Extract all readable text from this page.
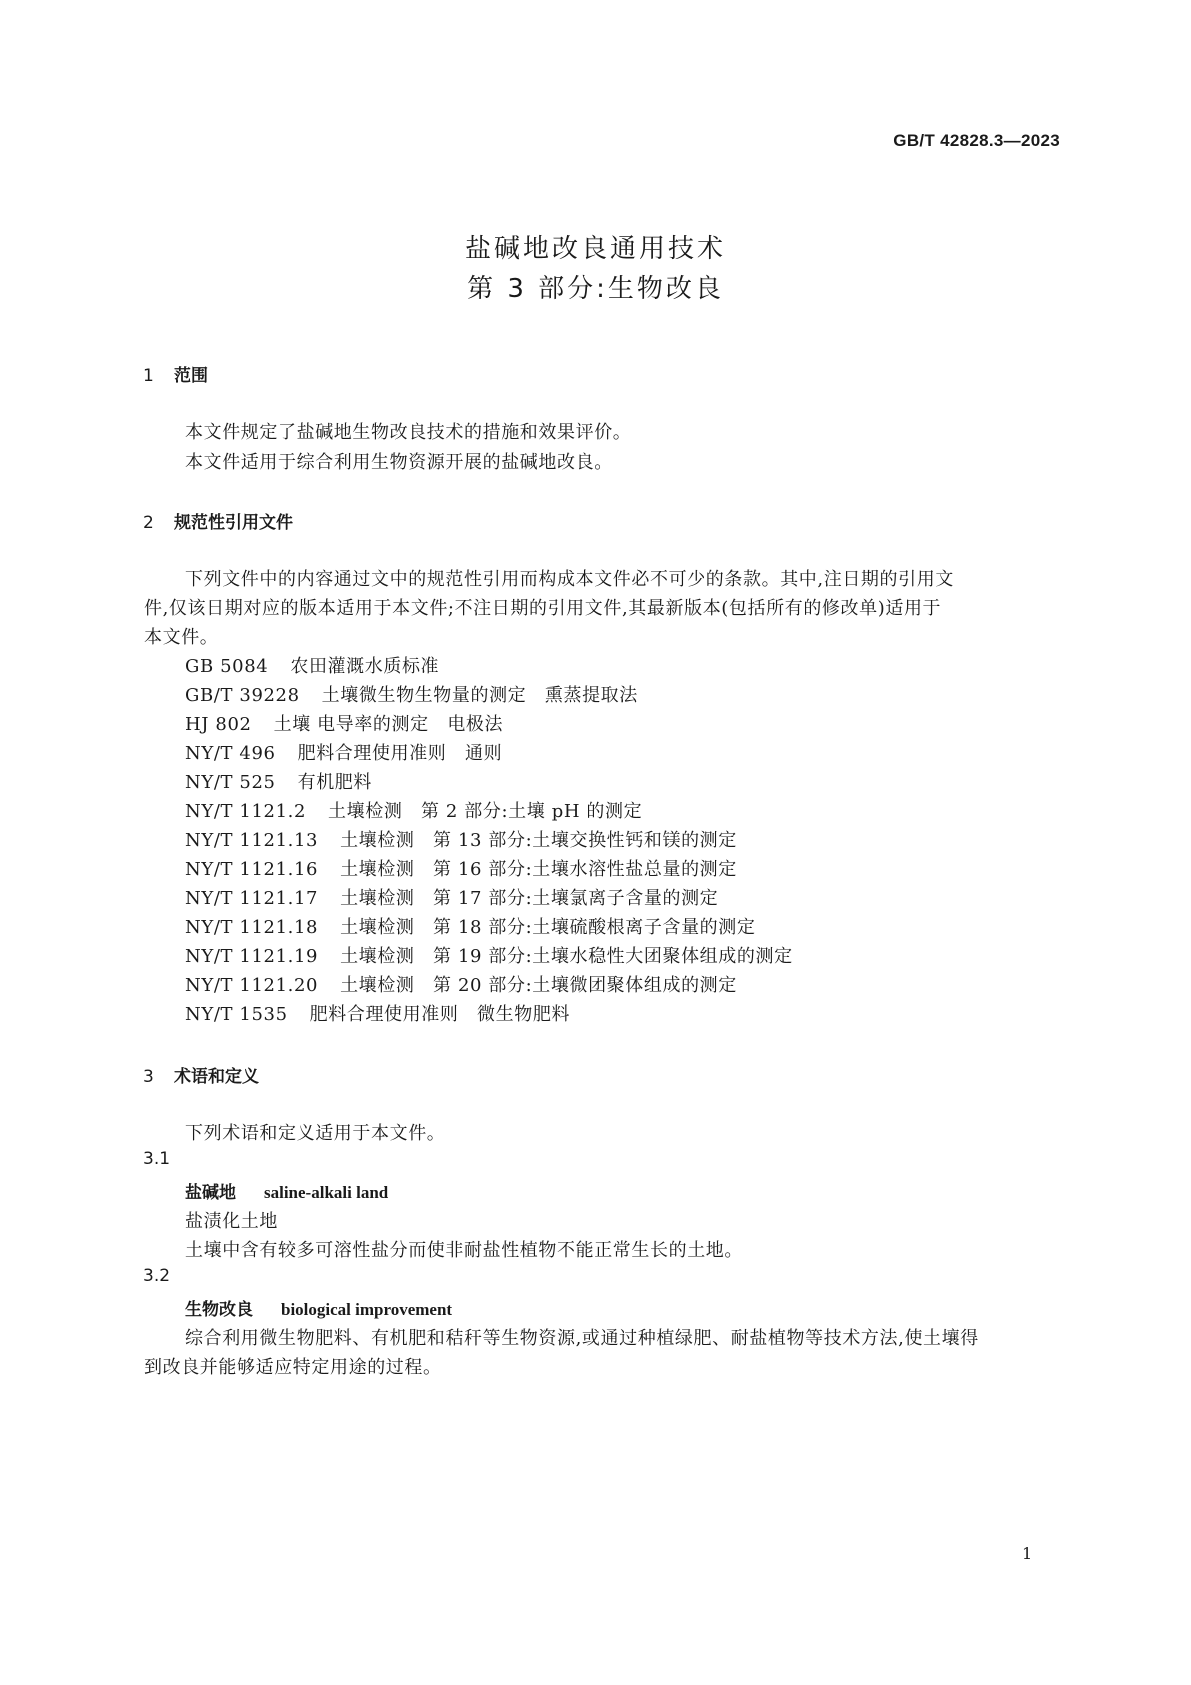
GB/T 42828.3—2023
盐碱地改良通用技术
第 3 部分:生物改良
1 范围
本文件规定了盐碱地生物改良技术的措施和效果评价。
本文件适用于综合利用生物资源开展的盐碱地改良。
2 规范性引用文件
下列文件中的内容通过文中的规范性引用而构成本文件必不可少的条款。其中,注日期的引用文
件,仅该日期对应的版本适用于本文件;不注日期的引用文件,其最新版本(包括所有的修改单)适用于
本文件。
GB 5084 农田灌溉水质标准
GB/T 39228 土壤微生物生物量的测定　熏蒸提取法
HJ 802 土壤 电导率的测定　电极法
NY/T 496 肥料合理使用准则　通则
NY/T 525 有机肥料
NY/T 1121.2 土壤检测　第 2 部分:土壤 pH 的测定
NY/T 1121.13 土壤检测　第 13 部分:土壤交换性钙和镁的测定
NY/T 1121.16 土壤检测　第 16 部分:土壤水溶性盐总量的测定
NY/T 1121.17 土壤检测　第 17 部分:土壤氯离子含量的测定
NY/T 1121.18 土壤检测　第 18 部分:土壤硫酸根离子含量的测定
NY/T 1121.19 土壤检测　第 19 部分:土壤水稳性大团聚体组成的测定
NY/T 1121.20 土壤检测　第 20 部分:土壤微团聚体组成的测定
NY/T 1535 肥料合理使用准则　微生物肥料
3 术语和定义
下列术语和定义适用于本文件。
3.1
盐碱地 saline-alkali land
盐渍化土地
土壤中含有较多可溶性盐分而使非耐盐性植物不能正常生长的土地。
3.2
生物改良 biological improvement
综合利用微生物肥料、有机肥和秸秆等生物资源,或通过种植绿肥、耐盐植物等技术方法,使土壤得
到改良并能够适应特定用途的过程。
1
